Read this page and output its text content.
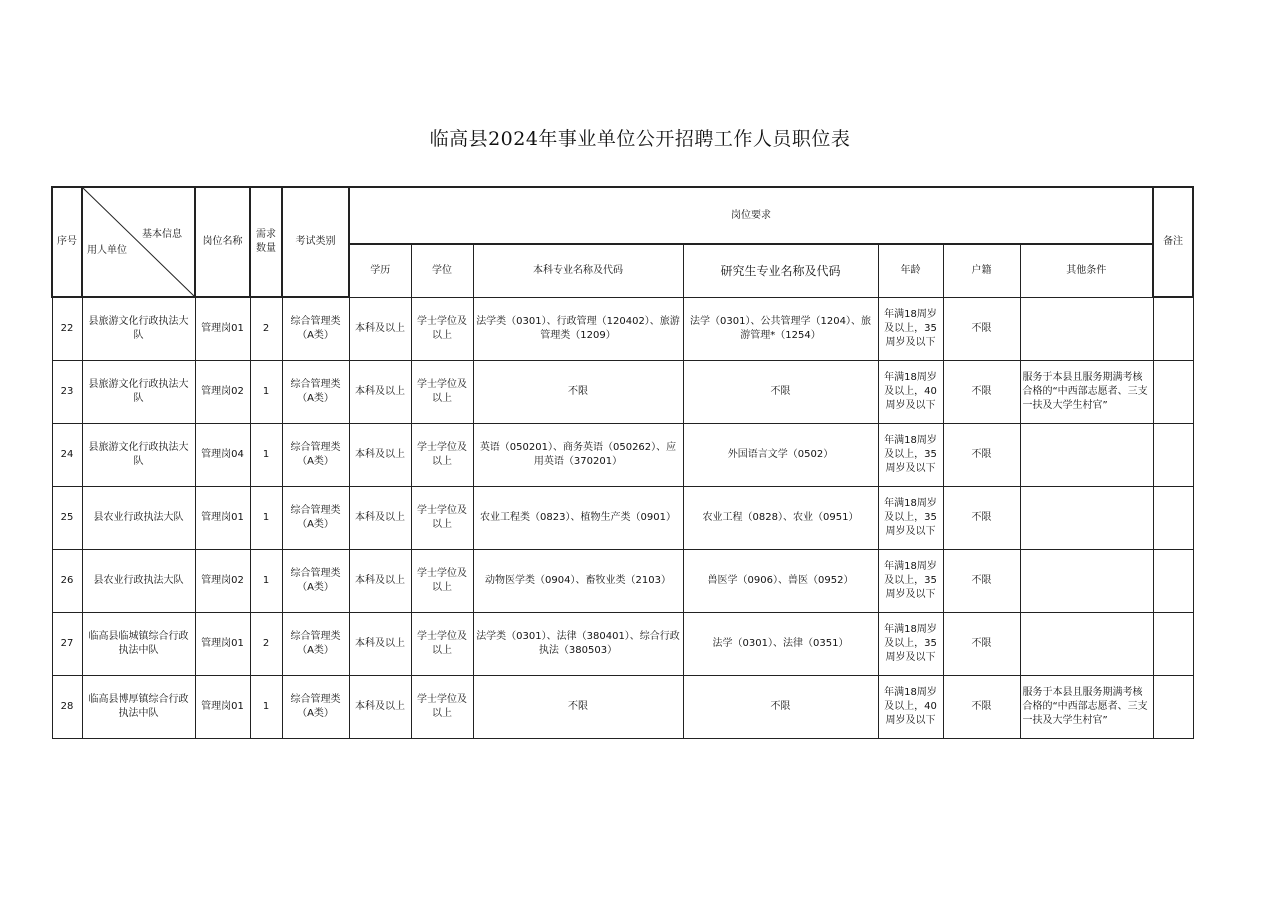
临高县2024年事业单位公开招聘工作人员职位表
序号	基本信息
用人单位	岗位名称	需求数量	考试类别	岗位要求							备注
					学历	学位	本科专业名称及代码	研究生专业名称及代码	年龄	户籍	其他条件	
22	县旅游文化行政执法大队	管理岗01	2	综合管理类（A类）	本科及以上	学士学位及以上	法学类（0301）、行政管理（120402）、旅游管理类（1209）	法学（0301）、公共管理学（1204）、旅游管理*（1254）	年满18周岁及以上，35周岁及以下	不限		
23	县旅游文化行政执法大队	管理岗02	1	综合管理类（A类）	本科及以上	学士学位及以上	不限	不限	年满18周岁及以上，40周岁及以下	不限	服务于本县且服务期满考核合格的“中西部志愿者、三支一扶及大学生村官”	
24	县旅游文化行政执法大队	管理岗04	1	综合管理类（A类）	本科及以上	学士学位及以上	英语（050201）、商务英语（050262）、应用英语（370201）	外国语言文学（0502）	年满18周岁及以上，35周岁及以下	不限		
25	县农业行政执法大队	管理岗01	1	综合管理类（A类）	本科及以上	学士学位及以上	农业工程类（0823）、植物生产类（0901）	农业工程（0828）、农业（0951）	年满18周岁及以上，35周岁及以下	不限		
26	县农业行政执法大队	管理岗02	1	综合管理类（A类）	本科及以上	学士学位及以上	动物医学类（0904）、畜牧业类（2103）	兽医学（0906）、兽医（0952）	年满18周岁及以上，35周岁及以下	不限		
27	临高县临城镇综合行政执法中队	管理岗01	2	综合管理类（A类）	本科及以上	学士学位及以上	法学类（0301）、法律（380401）、综合行政执法（380503）	法学（0301）、法律（0351）	年满18周岁及以上，35周岁及以下	不限		
28	临高县博厚镇综合行政执法中队	管理岗01	1	综合管理类（A类）	本科及以上	学士学位及以上	不限	不限	年满18周岁及以上，40周岁及以下	不限	服务于本县且服务期满考核合格的“中西部志愿者、三支一扶及大学生村官”	
